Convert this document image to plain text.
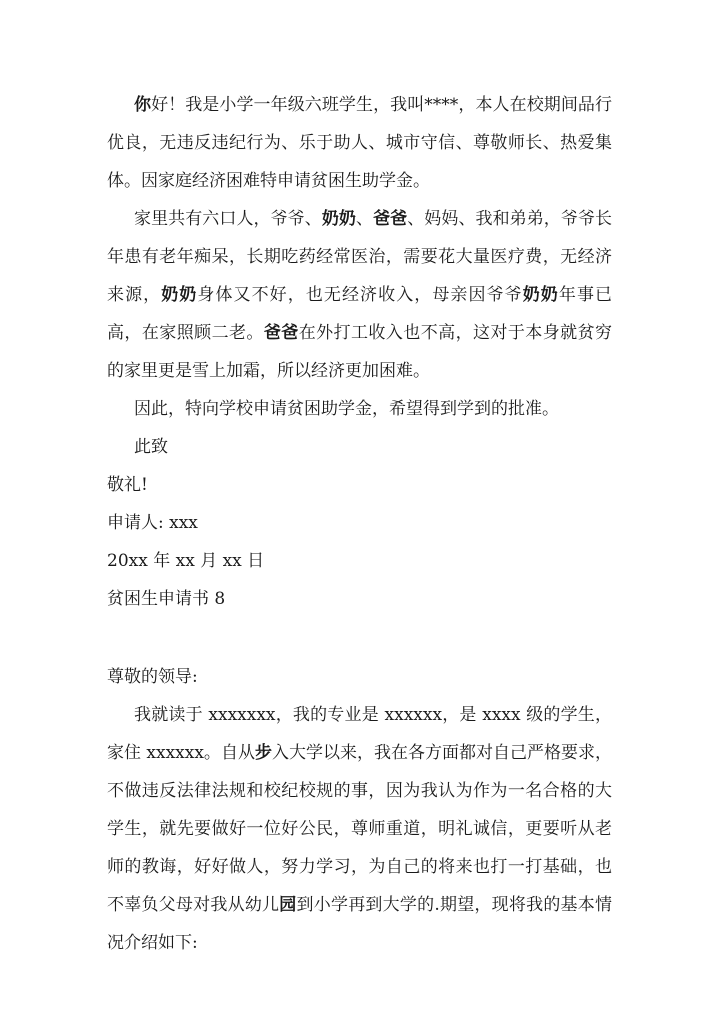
你好！我是小学一年级六班学生，我叫****，本人在校期间品行优良，无违反违纪行为、乐于助人、城市守信、尊敬师长、热爱集体。因家庭经济困难特申请贫困生助学金。

家里共有六口人，爷爷、奶奶、爸爸、妈妈、我和弟弟，爷爷长年患有老年痴呆，长期吃药经常医治，需要花大量医疗费，无经济来源，奶奶身体又不好，也无经济收入，母亲因爷爷奶奶年事已高，在家照顾二老。爸爸在外打工收入也不高，这对于本身就贫穷的家里更是雪上加霜，所以经济更加困难。

因此，特向学校申请贫困助学金，希望得到学到的批准。

此致

敬礼!

申请人: xxx

20xx 年 xx 月 xx 日

贫困生申请书 8

尊敬的领导:

我就读于 xxxxxxx，我的专业是 xxxxxx，是 xxxx 级的学生，家住 xxxxxx。自从步入大学以来，我在各方面都对自己严格要求，不做违反法律法规和校纪校规的事，因为我认为作为一名合格的大学生，就先要做好一位好公民，尊师重道，明礼诚信，更要听从老师的教诲，好好做人，努力学习，为自己的将来也打一打基础，也不辜负父母对我从幼儿园到小学再到大学的.期望，现将我的基本情况介绍如下:
